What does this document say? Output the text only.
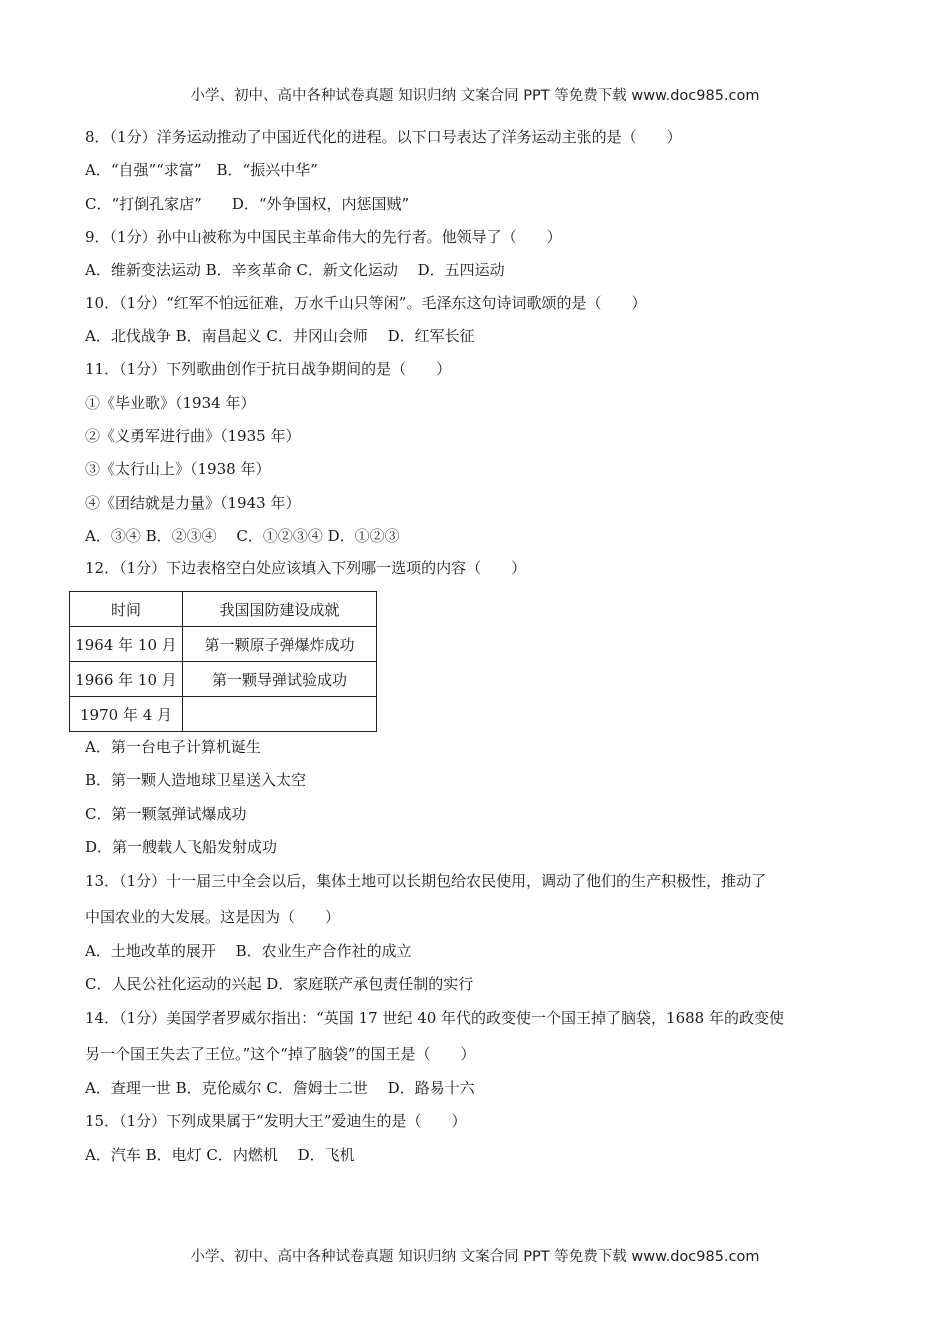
小学、初中、高中各种试卷真题 知识归纳 文案合同 PPT 等免费下载 www.doc985.com
8．（1分）洋务运动推动了中国近代化的进程。以下口号表达了洋务运动主张的是（　　）
A．“自强”“求富”　B．“振兴中华”
C．“打倒孔家店”　　D．“外争国权，内惩国贼”
9．（1分）孙中山被称为中国民主革命伟大的先行者。他领导了（　　）
A．维新变法运动 B．辛亥革命 C．新文化运动　 D．五四运动
10．（1分）“红军不怕远征难，万水千山只等闲”。毛泽东这句诗词歌颂的是（　　）
A．北伐战争 B．南昌起义 C．井冈山会师　 D．红军长征
11．（1分）下列歌曲创作于抗日战争期间的是（　　）
①《毕业歌》（1934 年）
②《义勇军进行曲》（1935 年）
③《太行山上》（1938 年）
④《团结就是力量》（1943 年）
A．③④ B．②③④　 C．①②③④ D．①②③
12．（1分）下边表格空白处应该填入下列哪一选项的内容（　　）
时间	我国国防建设成就
1964 年 10 月	第一颗原子弹爆炸成功
1966 年 10 月	第一颗导弹试验成功
1970 年 4 月	
A．第一台电子计算机诞生
B．第一颗人造地球卫星送入太空
C．第一颗氢弹试爆成功
D．第一艘载人飞船发射成功
13．（1分）十一届三中全会以后，集体土地可以长期包给农民使用，调动了他们的生产积极性，推动了
中国农业的大发展。这是因为（　　）
A．土地改革的展开　 B．农业生产合作社的成立
C．人民公社化运动的兴起 D．家庭联产承包责任制的实行
14．（1分）美国学者罗威尔指出：“英国 17 世纪 40 年代的政变使一个国王掉了脑袋，1688 年的政变使
另一个国王失去了王位。”这个“掉了脑袋”的国王是（　　）
A．查理一世 B．克伦威尔 C．詹姆士二世　 D．路易十六
15．（1分）下列成果属于“发明大王”爱迪生的是（　　）
A．汽车 B．电灯 C．内燃机　 D．飞机
小学、初中、高中各种试卷真题 知识归纳 文案合同 PPT 等免费下载 www.doc985.com
